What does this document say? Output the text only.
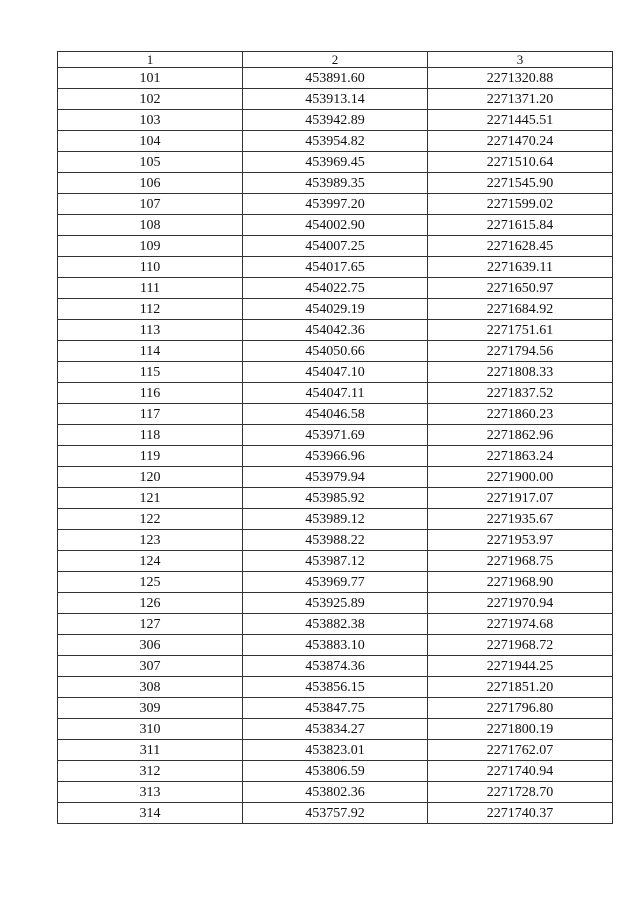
1	2	3
101	453891.60	2271320.88
102	453913.14	2271371.20
103	453942.89	2271445.51
104	453954.82	2271470.24
105	453969.45	2271510.64
106	453989.35	2271545.90
107	453997.20	2271599.02
108	454002.90	2271615.84
109	454007.25	2271628.45
110	454017.65	2271639.11
111	454022.75	2271650.97
112	454029.19	2271684.92
113	454042.36	2271751.61
114	454050.66	2271794.56
115	454047.10	2271808.33
116	454047.11	2271837.52
117	454046.58	2271860.23
118	453971.69	2271862.96
119	453966.96	2271863.24
120	453979.94	2271900.00
121	453985.92	2271917.07
122	453989.12	2271935.67
123	453988.22	2271953.97
124	453987.12	2271968.75
125	453969.77	2271968.90
126	453925.89	2271970.94
127	453882.38	2271974.68
306	453883.10	2271968.72
307	453874.36	2271944.25
308	453856.15	2271851.20
309	453847.75	2271796.80
310	453834.27	2271800.19
311	453823.01	2271762.07
312	453806.59	2271740.94
313	453802.36	2271728.70
314	453757.92	2271740.37
